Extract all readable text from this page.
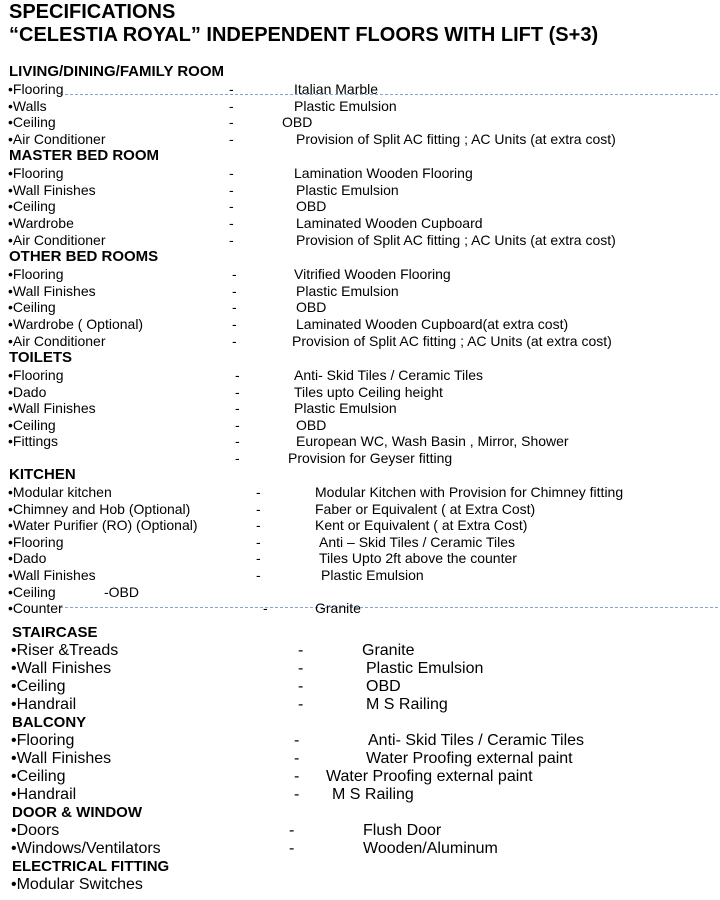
SPECIFICATIONS
“CELESTIA ROYAL” INDEPENDENT FLOORS WITH LIFT (S+3)
LIVING/DINING/FAMILY ROOM
•Flooring	-	Italian Marble
•Walls	-	Plastic Emulsion
•Ceiling	-	OBD
•Air Conditioner	-	Provision of Split AC fitting ; AC Units (at extra cost)
MASTER BED ROOM
•Flooring	-	Lamination Wooden Flooring
•Wall Finishes	-	Plastic Emulsion
•Ceiling	-	OBD
•Wardrobe	-	Laminated Wooden Cupboard
•Air Conditioner	-	Provision of Split AC fitting ; AC Units (at extra cost)
OTHER BED ROOMS
•Flooring	-	Vitrified Wooden Flooring
•Wall Finishes	-	Plastic Emulsion
•Ceiling	-	OBD
•Wardrobe ( Optional)	-	Laminated Wooden Cupboard(at extra cost)
•Air Conditioner	-	Provision of Split AC fitting ; AC Units (at extra cost)
TOILETS
•Flooring	-	Anti- Skid Tiles / Ceramic Tiles
•Dado	-	Tiles upto Ceiling height
•Wall Finishes	-	Plastic Emulsion
•Ceiling	-	OBD
•Fittings	-	European WC, Wash Basin , Mirror, Shower
-	Provision for Geyser fitting
KITCHEN
•Modular kitchen	-	Modular Kitchen with Provision for Chimney fitting
•Chimney and Hob (Optional)	-	Faber or Equivalent ( at Extra Cost)
•Water Purifier (RO) (Optional)	-	Kent or Equivalent ( at Extra Cost)
•Flooring	-	Anti – Skid Tiles / Ceramic Tiles
•Dado	-	Tiles Upto 2ft above the counter
•Wall Finishes	-	Plastic Emulsion
•Ceiling	-OBD
•Counter	-	Granite
STAIRCASE
•Riser &Treads	-	Granite
•Wall Finishes	-	Plastic Emulsion
•Ceiling	-	OBD
•Handrail	-	M S Railing
BALCONY
•Flooring	-	Anti- Skid Tiles / Ceramic Tiles
•Wall Finishes	-	Water Proofing external paint
•Ceiling	- Water Proofing external paint
•Handrail	- M S Railing
DOOR & WINDOW
•Doors	-	Flush Door
•Windows/Ventilators	-	Wooden/Aluminum
ELECTRICAL FITTING
•Modular Switches
